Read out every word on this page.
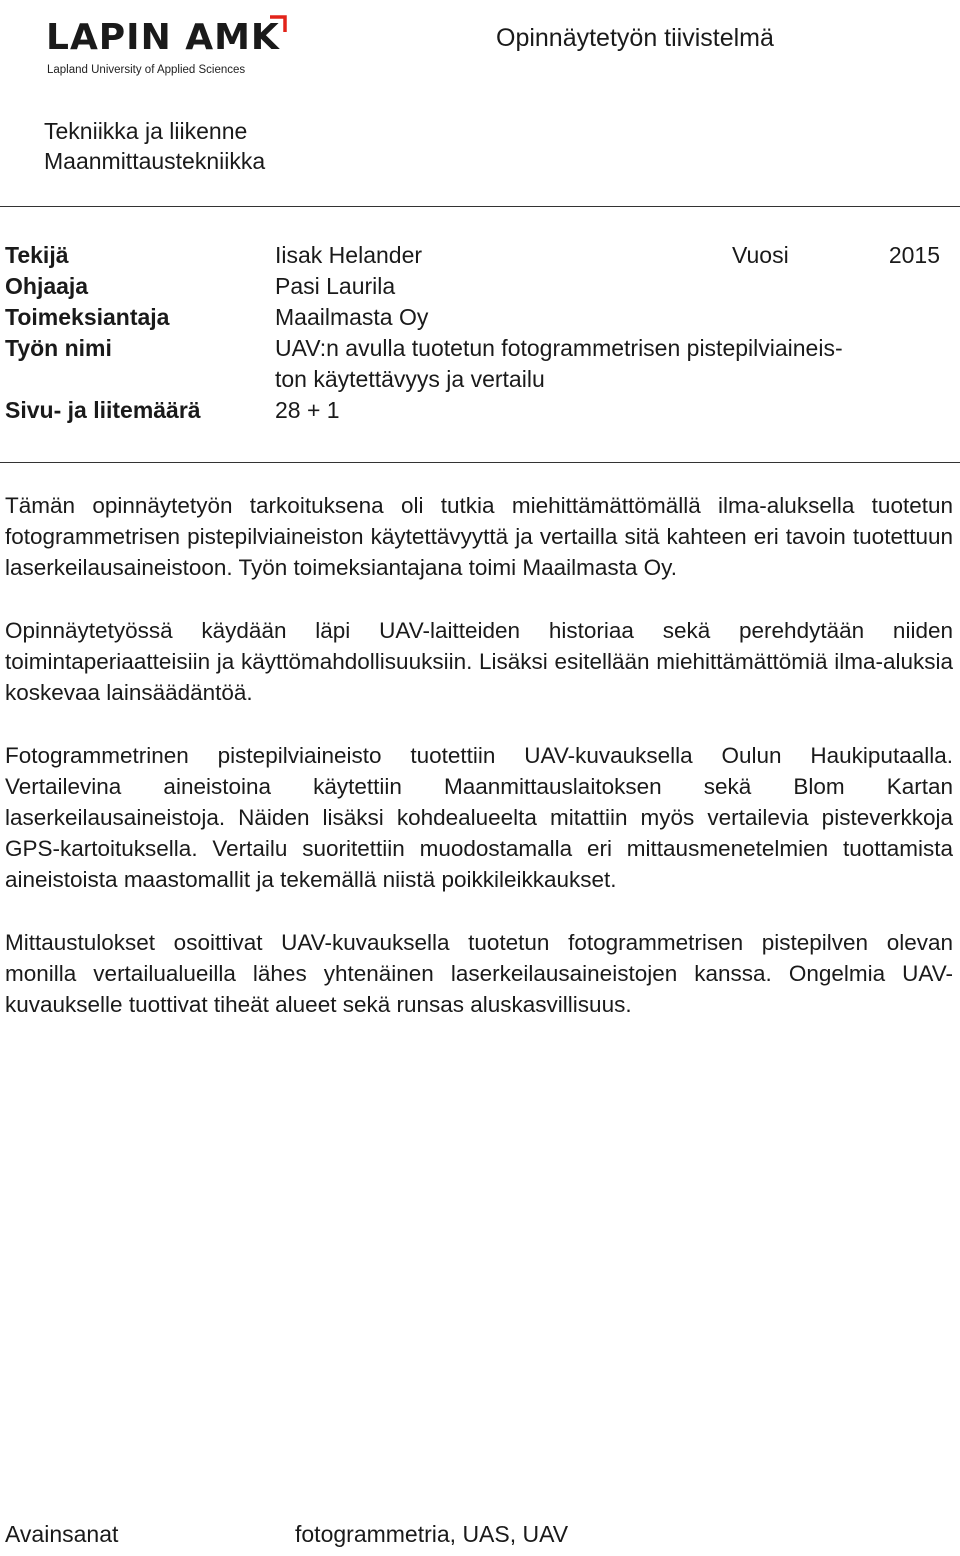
LAPIN AMK
Lapland University of Applied Sciences
Opinnäytetyön tiivistelmä
Tekniikka ja liikenne
Maanmittaustekniikka
Tekijä	Iisak Helander	Vuosi	2015
Ohjaaja	Pasi Laurila
Toimeksiantaja	Maailmasta Oy
Työn nimi	UAV:n avulla tuotetun fotogrammetrisen pistepilviaineis-
ton käytettävyys ja vertailu
Sivu- ja liitemäärä	28 + 1

Tämän opinnäytetyön tarkoituksena oli tutkia miehittämättömällä ilma-aluksella tuotetun fotogrammetrisen pistepilviaineiston käytettävyyttä ja vertailla sitä kahteen eri tavoin tuotettuun laserkeilausaineistoon. Työn toimeksiantajana toimi Maailmasta Oy.

Opinnäytetyössä käydään läpi UAV-laitteiden historiaa sekä perehdytään niiden toimintaperiaatteisiin ja käyttömahdollisuuksiin. Lisäksi esitellään miehittämättömiä ilma-aluksia koskevaa lainsäädäntöä.

Fotogrammetrinen pistepilviaineisto tuotettiin UAV-kuvauksella Oulun Haukiputaalla. Vertailevina aineistoina käytettiin Maanmittauslaitoksen sekä Blom Kartan laserkeilausaineistoja. Näiden lisäksi kohdealueelta mitattiin myös vertailevia pisteverkkoja GPS-kartoituksella. Vertailu suoritettiin muodostamalla eri mittausmenetelmien tuottamista aineistoista maastomallit ja tekemällä niistä poikkileikkaukset.

Mittaustulokset osoittivat UAV-kuvauksella tuotetun fotogrammetrisen pistepilven olevan monilla vertailualueilla lähes yhtenäinen laserkeilausaineistojen kanssa. Ongelmia UAV-kuvaukselle tuottivat tiheät alueet sekä runsas aluskasvillisuus.

Avainsanat	fotogrammetria, UAS, UAV
